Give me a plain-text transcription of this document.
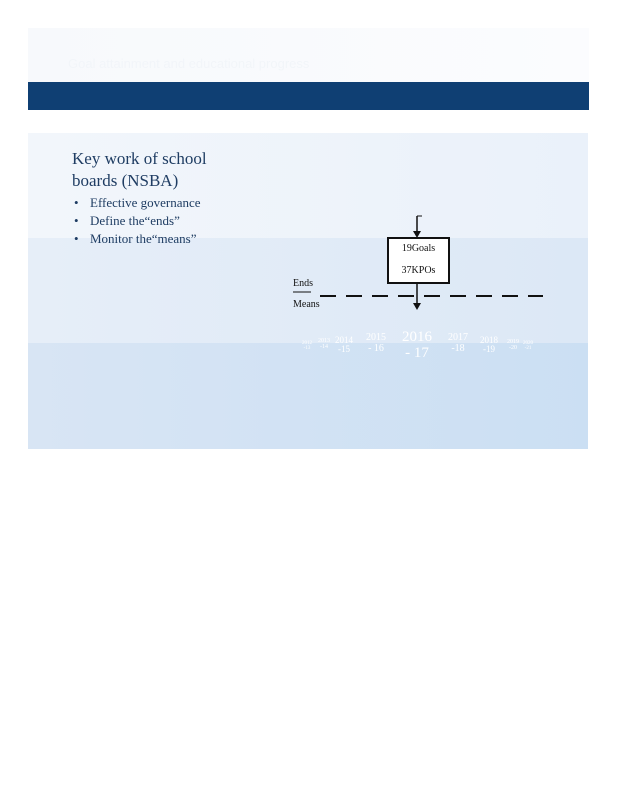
Goal attainment and educational progress
Key work of school boards (NSBA)
• Effective governance
• Define the“ends”
• Monitor the“means”
19Goals
37KPOs
Ends
Means
2012
-13
2013
-14
2014
-15
2015
- 16
2016
- 17
2017
-18
2018
-19
2019
-20
2020
-21
